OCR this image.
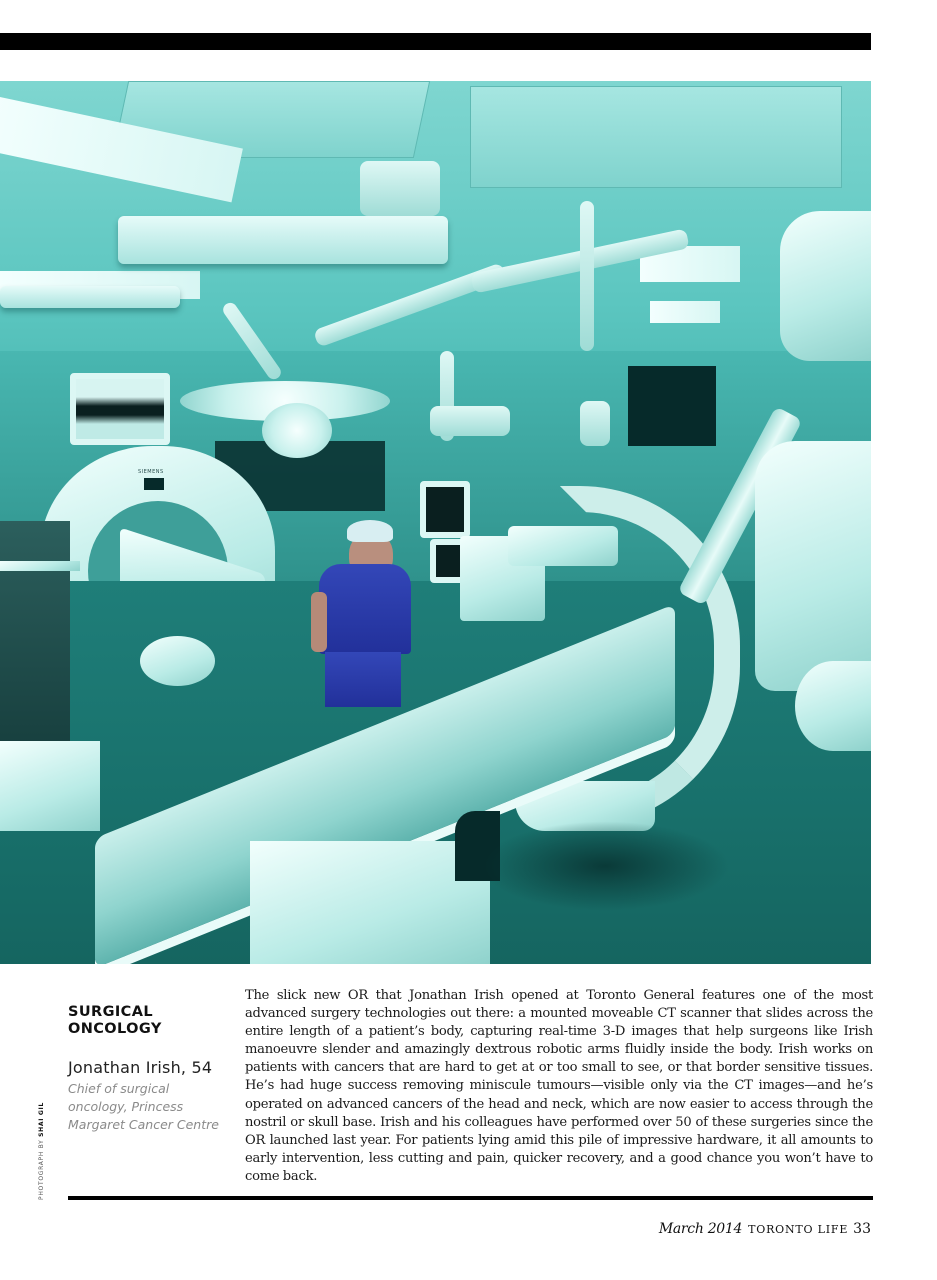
SIEMENS
PHOTOGRAPH BY SHAI GIL
SURGICAL
ONCOLOGY
Jonathan Irish, 54
Chief of surgical
oncology, Princess
Margaret Cancer Centre
The slick new OR that Jonathan Irish opened at Toronto General features one of the most advanced surgery technologies out there: a mounted moveable CT scanner that slides across the entire length of a patient’s body, capturing real-time 3-D images that help surgeons like Irish manoeuvre slender and amazingly dextrous robotic arms fluidly inside the body. Irish works on patients with cancers that are hard to get at or too small to see, or that border sensitive tissues. He’s had huge success removing miniscule tumours—visible only via the CT images—and he’s operated on advanced cancers of the head and neck, which are now easier to access through the nostril or skull base. Irish and his colleagues have performed over 50 of these surgeries since the OR launched last year. For patients lying amid this pile of impressive hardware, it all amounts to early intervention, less cutting and pain, quicker recovery, and a good chance you won’t have to come back.
March 2014 TORONTO LIFE 33
